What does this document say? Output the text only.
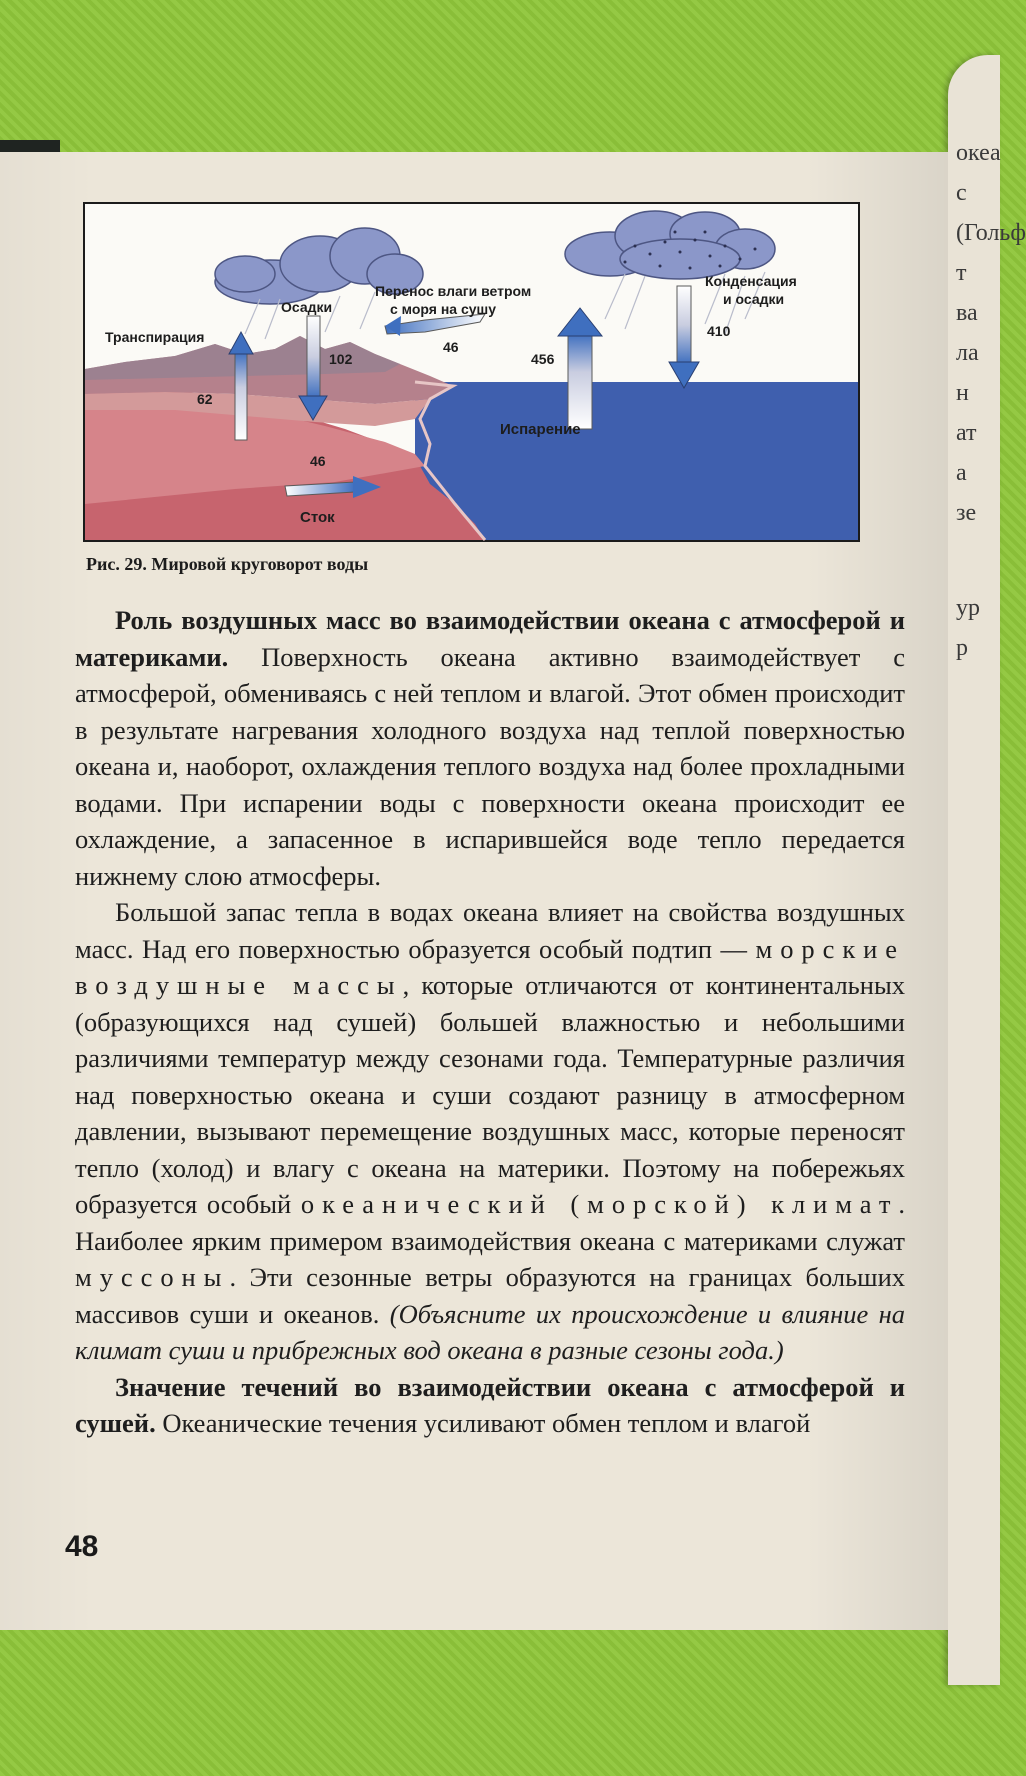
океа
с
(Гольф
т
ва
ла
н
ат
а
зе
ур
р
Транспирация
Осадки
Перенос влаги ветром
с моря на сушу
Конденсация
и осадки
Испарение
Сток
62
102
46
456
410
46

Рис. 29. Мировой круговорот воды

Роль воздушных масс во взаимодействии океана с атмосферой и материками. Поверхность океана активно взаимодействует с атмосферой, обмениваясь с ней теплом и влагой. Этот обмен происходит в результате нагревания холодного воздуха над теплой поверхностью океана и, наоборот, охлаждения теплого воздуха над более прохладными водами. При испарении воды с поверхности океана происходит ее охлаждение, а запасенное в испарившейся воде тепло передается нижнему слою атмосферы.

Большой запас тепла в водах океана влияет на свойства воздушных масс. Над его поверхностью образуется особый подтип — морские воздушные массы, которые отличаются от континентальных (образующихся над сушей) большей влажностью и небольшими различиями температур между сезонами года. Температурные различия над поверхностью океана и суши создают разницу в атмосферном давлении, вызывают перемещение воздушных масс, которые переносят тепло (холод) и влагу с океана на материки. Поэтому на побережьях образуется особый океанический (морской) климат. Наиболее ярким примером взаимодействия океана с материками служат муссоны. Эти сезонные ветры образуются на границах больших массивов суши и океанов. (Объясните их происхождение и влияние на климат суши и прибрежных вод океана в разные сезоны года.)

Значение течений во взаимодействии океана с атмосферой и сушей. Океанические течения усиливают обмен теплом и влагой

48
